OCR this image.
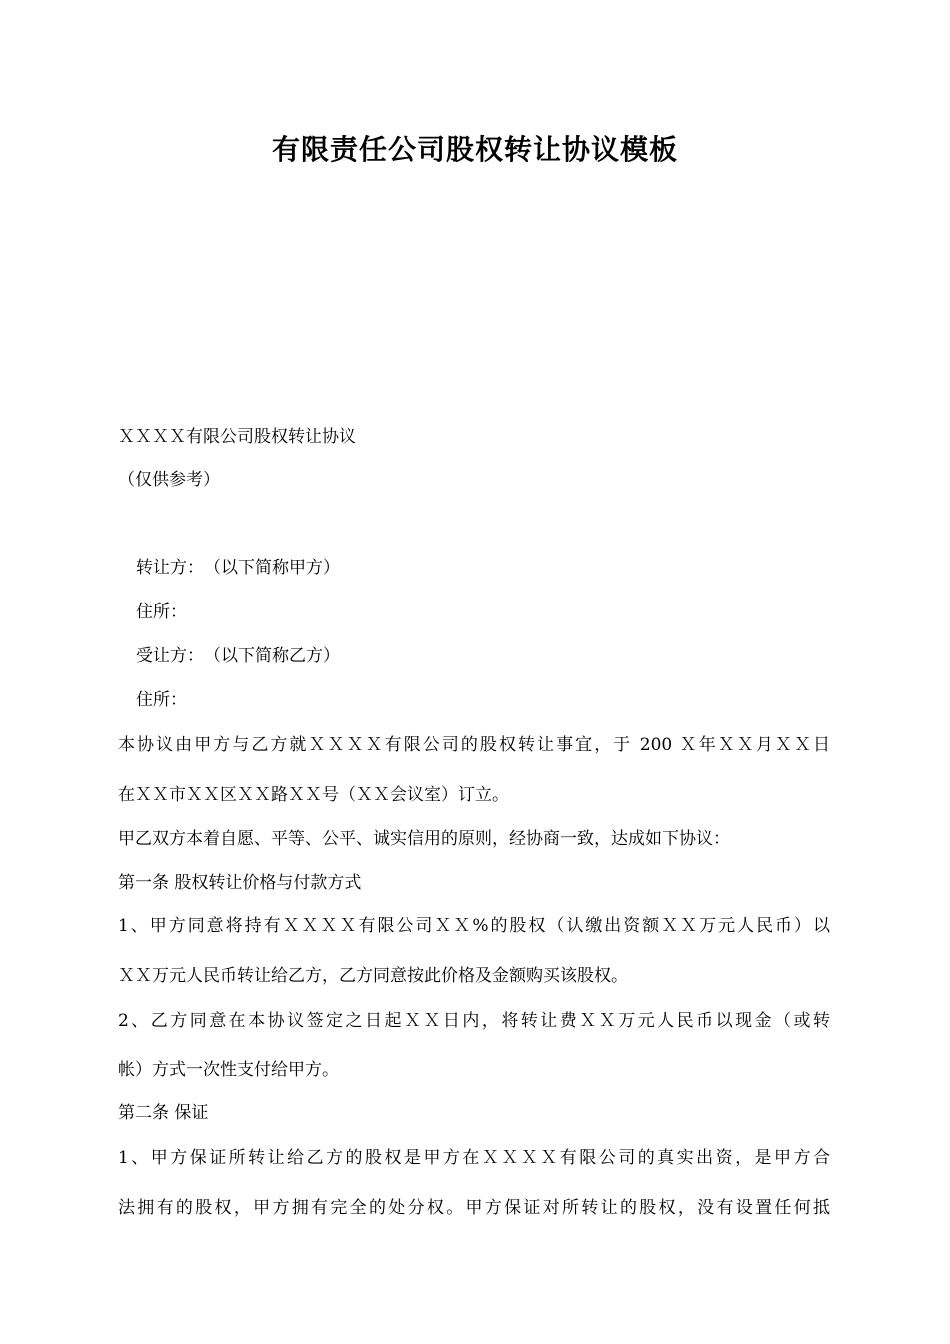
有限责任公司股权转让协议模板
ＸＸＸＸ有限公司股权转让协议
（仅供参考）
转让方：　（以下简称甲方）
住所：
受让方：　（以下简称乙方）
住所：
本协议由甲方与乙方就ＸＸＸＸ有限公司的股权转让事宜，于 200 Ｘ年ＸＸ月ＸＸ日
在ＸＸ市ＸＸ区ＸＸ路ＸＸ号（ＸＸ会议室）订立。
甲乙双方本着自愿、平等、公平、诚实信用的原则，经协商一致，达成如下协议：
第一条 股权转让价格与付款方式
1、甲方同意将持有ＸＸＸＸ有限公司ＸＸ%的股权（认缴出资额ＸＸ万元人民币）以
ＸＸ万元人民币转让给乙方，乙方同意按此价格及金额购买该股权。
2、乙方同意在本协议签定之日起ＸＸ日内，将转让费ＸＸ万元人民币以现金（或转
帐）方式一次性支付给甲方。
第二条 保证
1、甲方保证所转让给乙方的股权是甲方在ＸＸＸＸ有限公司的真实出资，是甲方合
法拥有的股权，甲方拥有完全的处分权。甲方保证对所转让的股权，没有设置任何抵
